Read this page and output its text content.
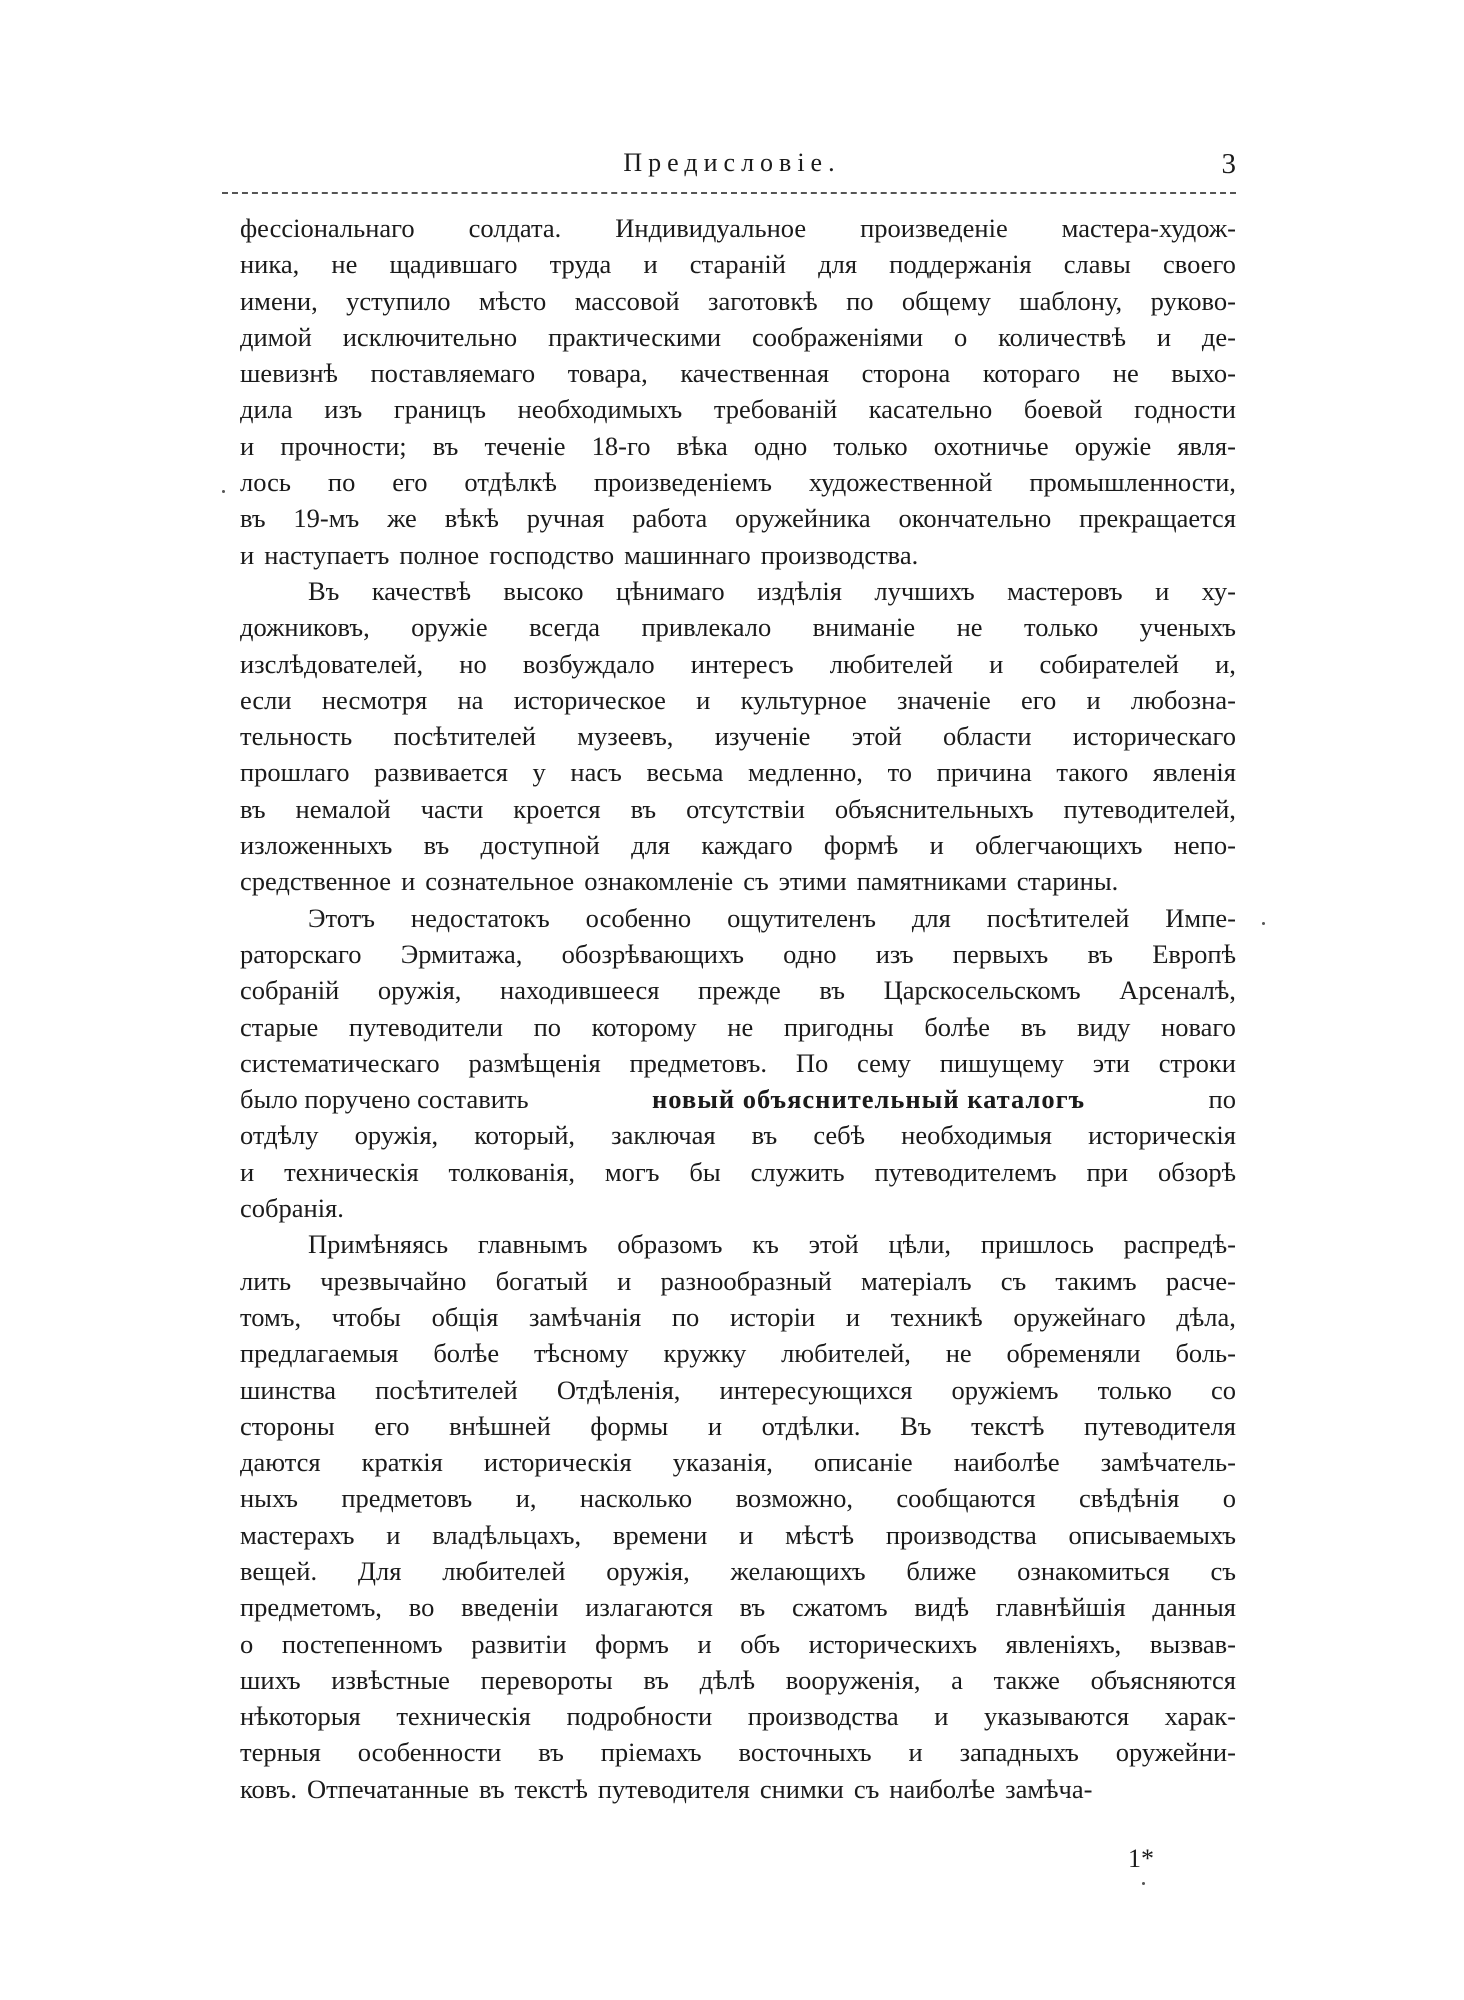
Предисловіе.	3
фессіональнаго солдата. Индивидуальное произведеніе мастера-худож-
ника, не щадившаго труда и стараній для поддержанія славы своего
имени, уступило мѣсто массовой заготовкѣ по общему шаблону, руково-
димой исключительно практическими соображеніями о количествѣ и де-
шевизнѣ поставляемаго товара, качественная сторона котораго не выхо-
дила изъ границъ необходимыхъ требованій касательно боевой годности
и прочности; въ теченіе 18-го вѣка одно только охотничье оружіе явля-
лось по его отдѣлкѣ произведеніемъ художественной промышленности,
въ 19-мъ же вѣкѣ ручная работа оружейника окончательно прекращается
и наступаетъ полное господство машиннаго производства.
Въ качествѣ высоко цѣнимаго издѣлія лучшихъ мастеровъ и ху-
дожниковъ, оружіе всегда привлекало вниманіе не только ученыхъ
изслѣдователей, но возбуждало интересъ любителей и собирателей и,
если несмотря на историческое и культурное значеніе его и любозна-
тельность посѣтителей музеевъ, изученіе этой области историческаго
прошлаго развивается у насъ весьма медленно, то причина такого явленія
въ немалой части кроется въ отсутствіи объяснительныхъ путеводителей,
изложенныхъ въ доступной для каждаго формѣ и облегчающихъ непо-
средственное и сознательное ознакомленіе съ этими памятниками старины.
Этотъ недостатокъ особенно ощутителенъ для посѣтителей Импе-
раторскаго Эрмитажа, обозрѣвающихъ одно изъ первыхъ въ Европѣ
собраній оружія, находившееся прежде въ Царскосельскомъ Арсеналѣ,
старые путеводители по которому не пригодны болѣе въ виду новаго
систематическаго размѣщенія предметовъ. По сему пишущему эти строки
было поручено составить	новый объяснительный каталогъ	по
отдѣлу оружія, который, заключая въ себѣ необходимыя историческія
и техническія толкованія, могъ бы служить путеводителемъ при обзорѣ
собранія.
Примѣняясь главнымъ образомъ къ этой цѣли, пришлось распредѣ-
лить чрезвычайно богатый и разнообразный матеріалъ съ такимъ расче-
томъ, чтобы общія замѣчанія по исторіи и техникѣ оружейнаго дѣла,
предлагаемыя болѣе тѣсному кружку любителей, не обременяли боль-
шинства посѣтителей Отдѣленія, интересующихся оружіемъ только со
стороны его внѣшней формы и отдѣлки. Въ текстѣ путеводителя
даются краткія историческія указанія, описаніе наиболѣе замѣчатель-
ныхъ предметовъ и, насколько возможно, сообщаются свѣдѣнія о
мастерахъ и владѣльцахъ, времени и мѣстѣ производства описываемыхъ
вещей. Для любителей оружія, желающихъ ближе ознакомиться съ
предметомъ, во введеніи излагаются въ сжатомъ видѣ главнѣйшія данныя
о постепенномъ развитіи формъ и объ историческихъ явленіяхъ, вызвав-
шихъ извѣстные перевороты въ дѣлѣ вооруженія, а также объясняются
нѣкоторыя техническія подробности производства и указываются харак-
терныя особенности въ пріемахъ восточныхъ и западныхъ оружейни-
ковъ. Отпечатанные въ текстѣ путеводителя снимки съ наиболѣе замѣча-
1*
